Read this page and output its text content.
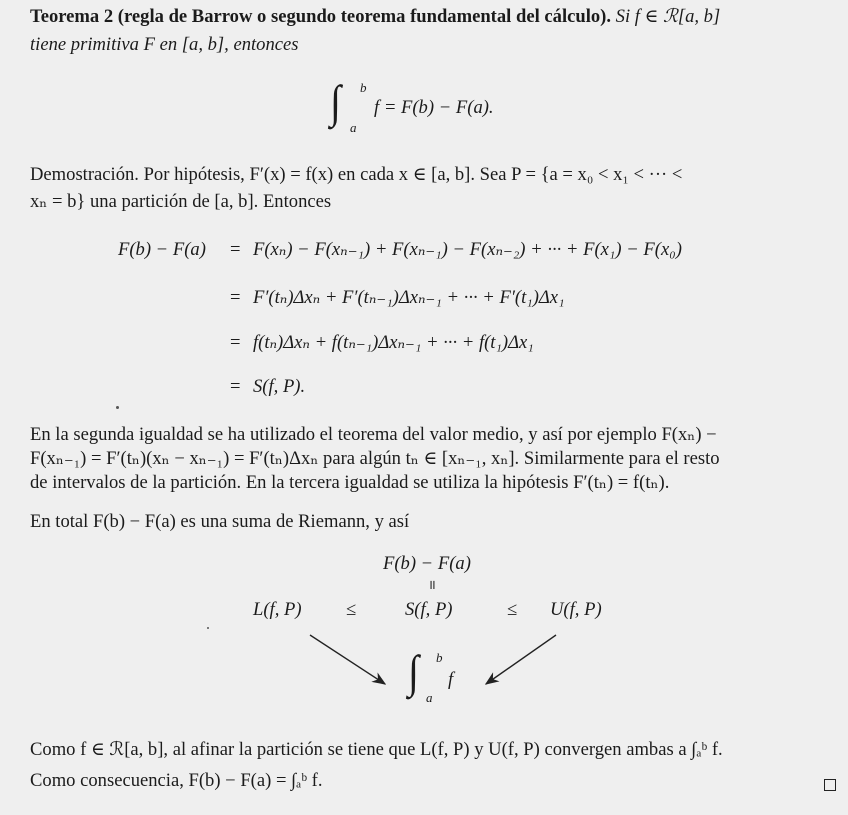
Teorema 2 (regla de Barrow o segundo teorema fundamental del cálculo). Si f ∈ ℛ[a, b]
tiene primitiva F en [a, b], entonces
∫ b
a
f = F(b) − F(a).
Demostración. Por hipótesis, F′(x) = f(x) en cada x ∈ [a, b]. Sea P = {a = x₀ < x₁ < ··· <
xₙ = b} una partición de [a, b]. Entonces
F(b) − F(a) = F(xₙ) − F(xₙ₋₁) + F(xₙ₋₁) − F(xₙ₋₂) + ··· + F(x₁) − F(x₀)
= F′(tₙ)Δxₙ + F′(tₙ₋₁)Δxₙ₋₁ + ··· + F′(t₁)Δx₁
= f(tₙ)Δxₙ + f(tₙ₋₁)Δxₙ₋₁ + ··· + f(t₁)Δx₁
= S(f, P).
En la segunda igualdad se ha utilizado el teorema del valor medio, y así por ejemplo F(xₙ) −
F(xₙ₋₁) = F′(tₙ)(xₙ − xₙ₋₁) = F′(tₙ)Δxₙ para algún tₙ ∈ [xₙ₋₁, xₙ]. Similarmente para el resto
de intervalos de la partición. En la tercera igualdad se utiliza la hipótesis F′(tₙ) = f(tₙ).
En total F(b) − F(a) es una suma de Riemann, y así
F(b) − F(a)
॥
L(f, P) ≤	S(f, P)	≤ U(f, P)
∫ b
a
f
Como f ∈ ℛ[a, b], al afinar la partición se tiene que L(f, P) y U(f, P) convergen ambas a ∫ₐᵇ f.
Como consecuencia, F(b) − F(a) = ∫ₐᵇ f.
